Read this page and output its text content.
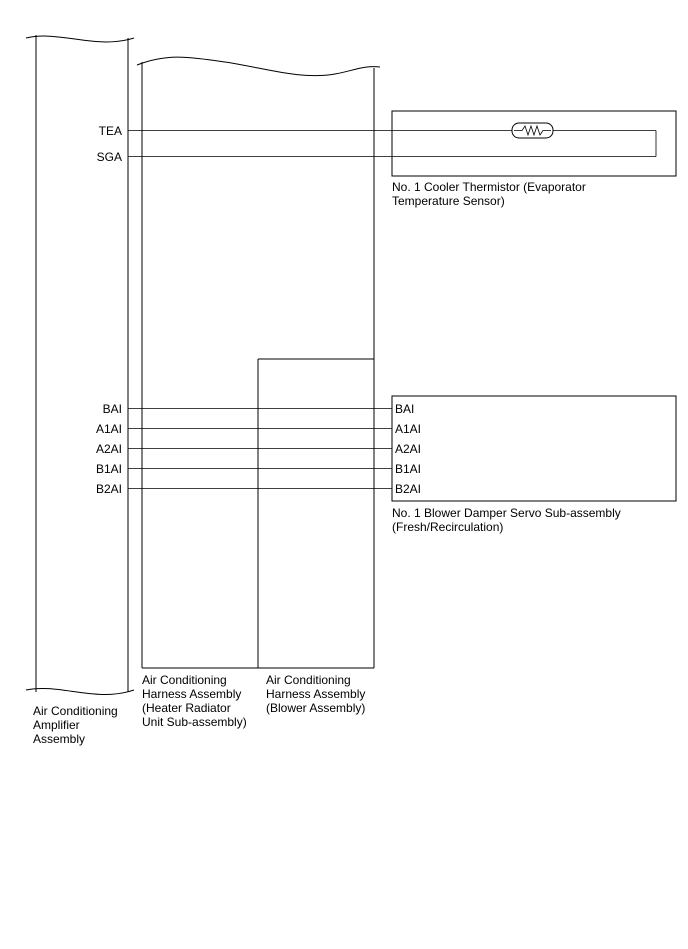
TEA
SGA
BAI
A1AI
A2AI
B1AI
B2AI
BAI
A1AI
A2AI
B1AI
B2AI
No. 1 Cooler Thermistor (Evaporator
Temperature Sensor)
No. 1 Blower Damper Servo Sub-assembly
(Fresh/Recirculation)
Air Conditioning
Harness Assembly
(Heater Radiator
Unit Sub-assembly)
Air Conditioning
Harness Assembly
(Blower Assembly)
Air Conditioning
Amplifier
Assembly
